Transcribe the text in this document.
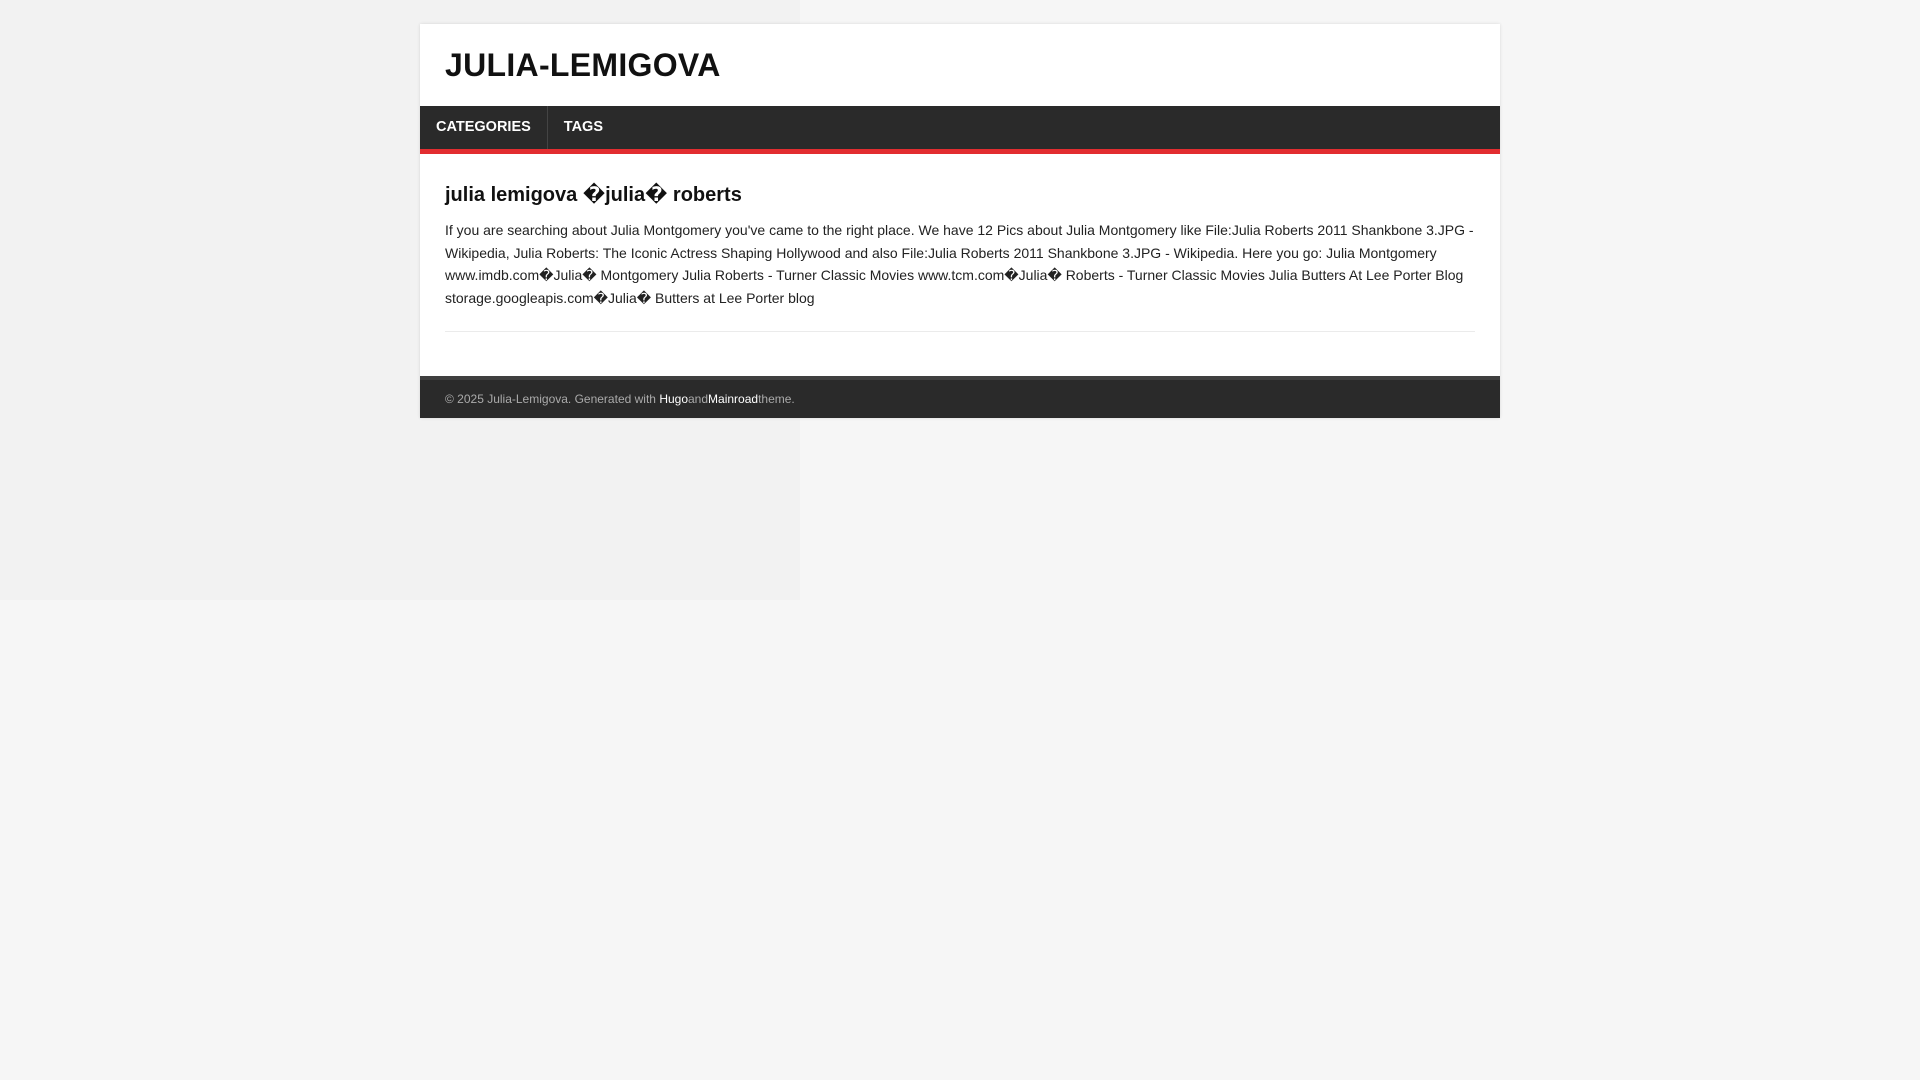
JULIA-LEMIGOVA
CATEGORIES	TAGS
julia lemigova �julia� roberts

If you are searching about Julia Montgomery you've came to the right place. We have 12 Pics about Julia Montgomery like File:Julia Roberts 2011 Shankbone 3.JPG - Wikipedia, Julia Roberts: The Iconic Actress Shaping Hollywood and also File:Julia Roberts 2011 Shankbone 3.JPG - Wikipedia. Here you go: Julia Montgomery www.imdb.com�Julia� Montgomery Julia Roberts - Turner Classic Movies www.tcm.com�Julia� Roberts - Turner Classic Movies Julia Butters At Lee Porter Blog storage.googleapis.com�Julia� Butters at Lee Porter blog

© 2025 Julia-Lemigova. Generated with
Hugo and Mainroad theme.
